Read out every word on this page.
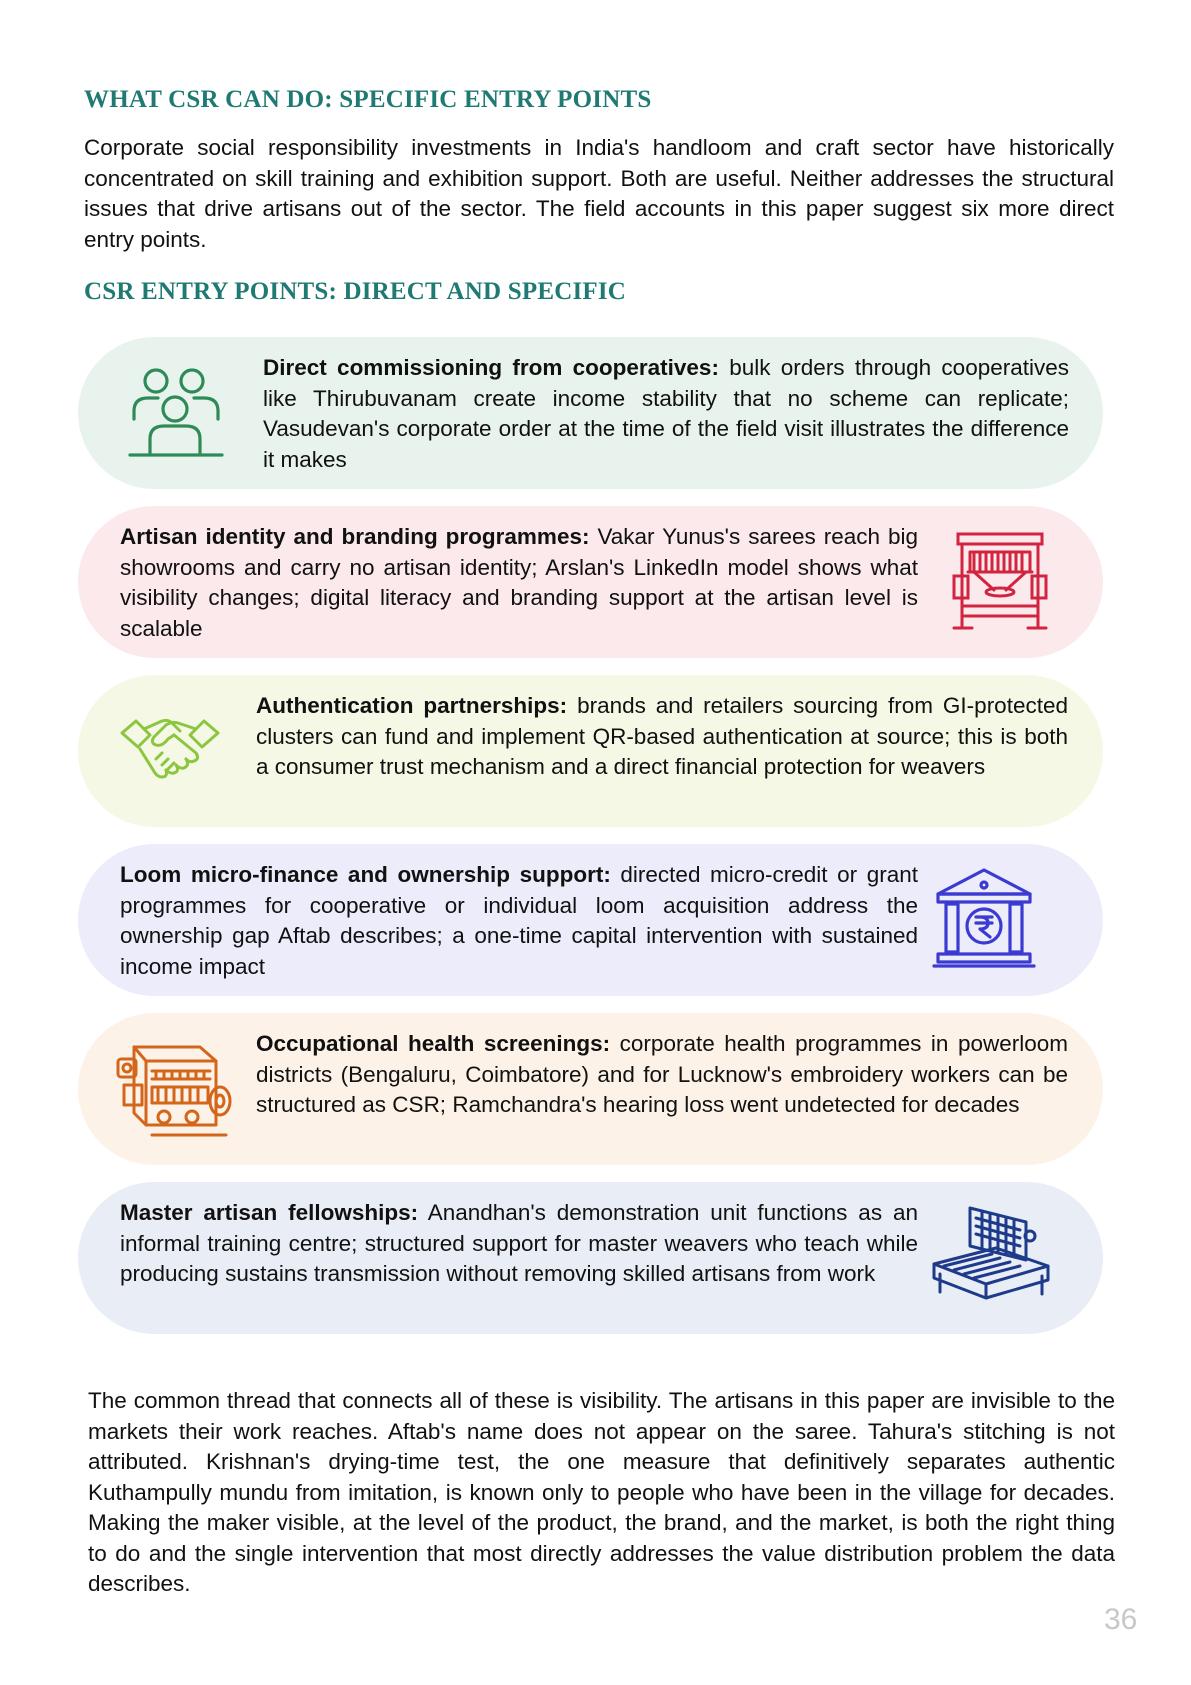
WHAT CSR CAN DO: SPECIFIC ENTRY POINTS

Corporate social responsibility investments in India's handloom and craft sector have historically concentrated on skill training and exhibition support. Both are useful. Neither addresses the structural issues that drive artisans out of the sector. The field accounts in this paper suggest six more direct entry points.

CSR ENTRY POINTS: DIRECT AND SPECIFIC

Direct commissioning from cooperatives: bulk orders through cooperatives like Thirubuvanam create income stability that no scheme can replicate; Vasudevan's corporate order at the time of the field visit illustrates the difference it makes

Artisan identity and branding programmes: Vakar Yunus's sarees reach big showrooms and carry no artisan identity; Arslan's LinkedIn model shows what visibility changes; digital literacy and branding support at the artisan level is scalable

Authentication partnerships: brands and retailers sourcing from GI-protected clusters can fund and implement QR-based authentication at source; this is both a consumer trust mechanism and a direct financial protection for weavers

Loom micro-finance and ownership support: directed micro-credit or grant programmes for cooperative or individual loom acquisition address the ownership gap Aftab describes; a one-time capital intervention with sustained income impact

Occupational health screenings: corporate health programmes in powerloom districts (Bengaluru, Coimbatore) and for Lucknow's embroidery workers can be structured as CSR; Ramchandra's hearing loss went undetected for decades

Master artisan fellowships: Anandhan's demonstration unit functions as an informal training centre; structured support for master weavers who teach while producing sustains transmission without removing skilled artisans from work

The common thread that connects all of these is visibility. The artisans in this paper are invisible to the markets their work reaches. Aftab's name does not appear on the saree. Tahura's stitching is not attributed. Krishnan's drying-time test, the one measure that definitively separates authentic Kuthampully mundu from imitation, is known only to people who have been in the village for decades. Making the maker visible, at the level of the product, the brand, and the market, is both the right thing to do and the single intervention that most directly addresses the value distribution problem the data describes.

36
